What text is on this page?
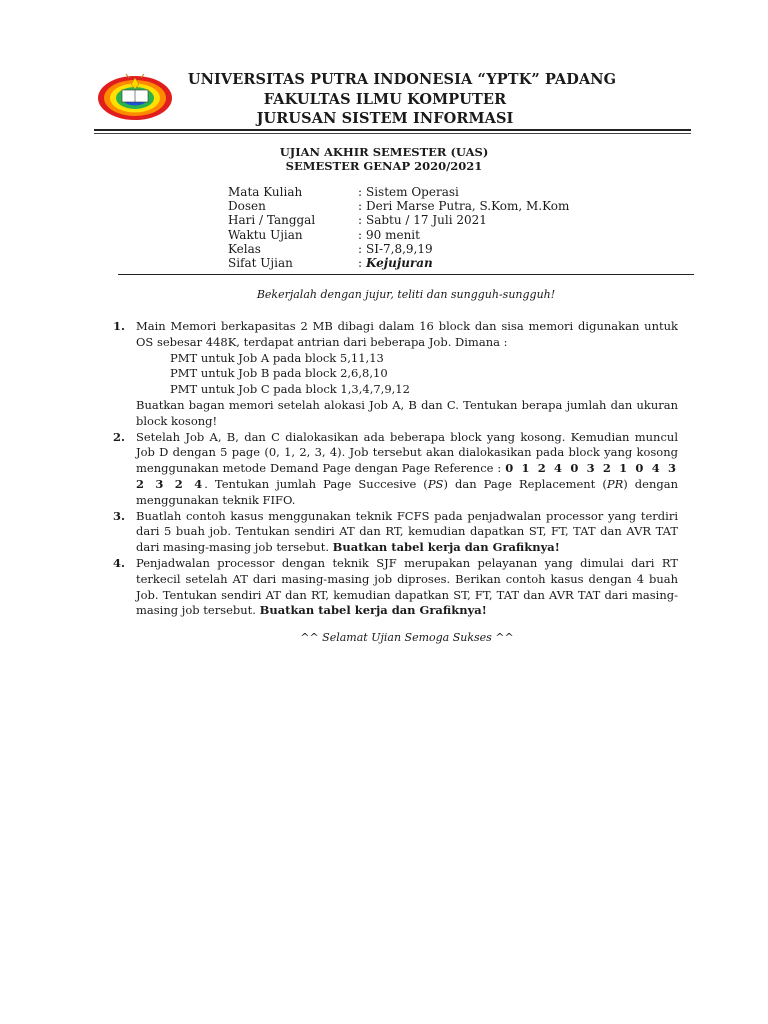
UNIVERSITAS PUTRA INDONESIA “YPTK” PADANG
FAKULTAS ILMU KOMPUTER
JURUSAN SISTEM INFORMASI
UJIAN AKHIR SEMESTER (UAS)
SEMESTER GENAP 2020/2021
Mata Kuliah	: Sistem Operasi
Dosen	: Deri Marse Putra, S.Kom, M.Kom
Hari / Tanggal	: Sabtu / 17 Juli 2021
Waktu Ujian	: 90 menit
Kelas	: SI-7,8,9,19
Sifat Ujian	: Kejujuran
Bekerjalah dengan jujur, teliti dan sungguh-sungguh!
1. Main Memori berkapasitas 2 MB dibagi dalam 16 block dan sisa memori digunakan untuk OS sebesar 448K, terdapat antrian dari beberapa Job. Dimana :

PMT untuk Job A pada block 5,11,13

PMT untuk Job B pada block 2,6,8,10

PMT untuk Job C pada block 1,3,4,7,9,12

Buatkan bagan memori setelah alokasi Job A, B dan C. Tentukan berapa jumlah dan ukuran block kosong!

2. Setelah Job A, B, dan C dialokasikan ada beberapa block yang kosong. Kemudian muncul Job D dengan 5 page (0, 1, 2, 3, 4). Job tersebut akan dialokasikan pada block yang kosong menggunakan metode Demand Page dengan Page Reference : 0 1 2 4 0 3 2 1 0 4 3 2 3 2 4. Tentukan jumlah Page Succesive (PS) dan Page Replacement (PR) dengan menggunakan teknik FIFO.

3. Buatlah contoh kasus menggunakan teknik FCFS pada penjadwalan processor yang terdiri dari 5 buah job. Tentukan sendiri AT dan RT, kemudian dapatkan ST, FT, TAT dan AVR TAT dari masing-masing job tersebut. Buatkan tabel kerja dan Grafiknya!

4. Penjadwalan processor dengan teknik SJF merupakan pelayanan yang dimulai dari RT terkecil setelah AT dari masing-masing job diproses. Berikan contoh kasus dengan 4 buah Job. Tentukan sendiri AT dan RT, kemudian dapatkan ST, FT, TAT dan AVR TAT dari masing-masing job tersebut. Buatkan tabel kerja dan Grafiknya!

^^ Selamat Ujian Semoga Sukses ^^
